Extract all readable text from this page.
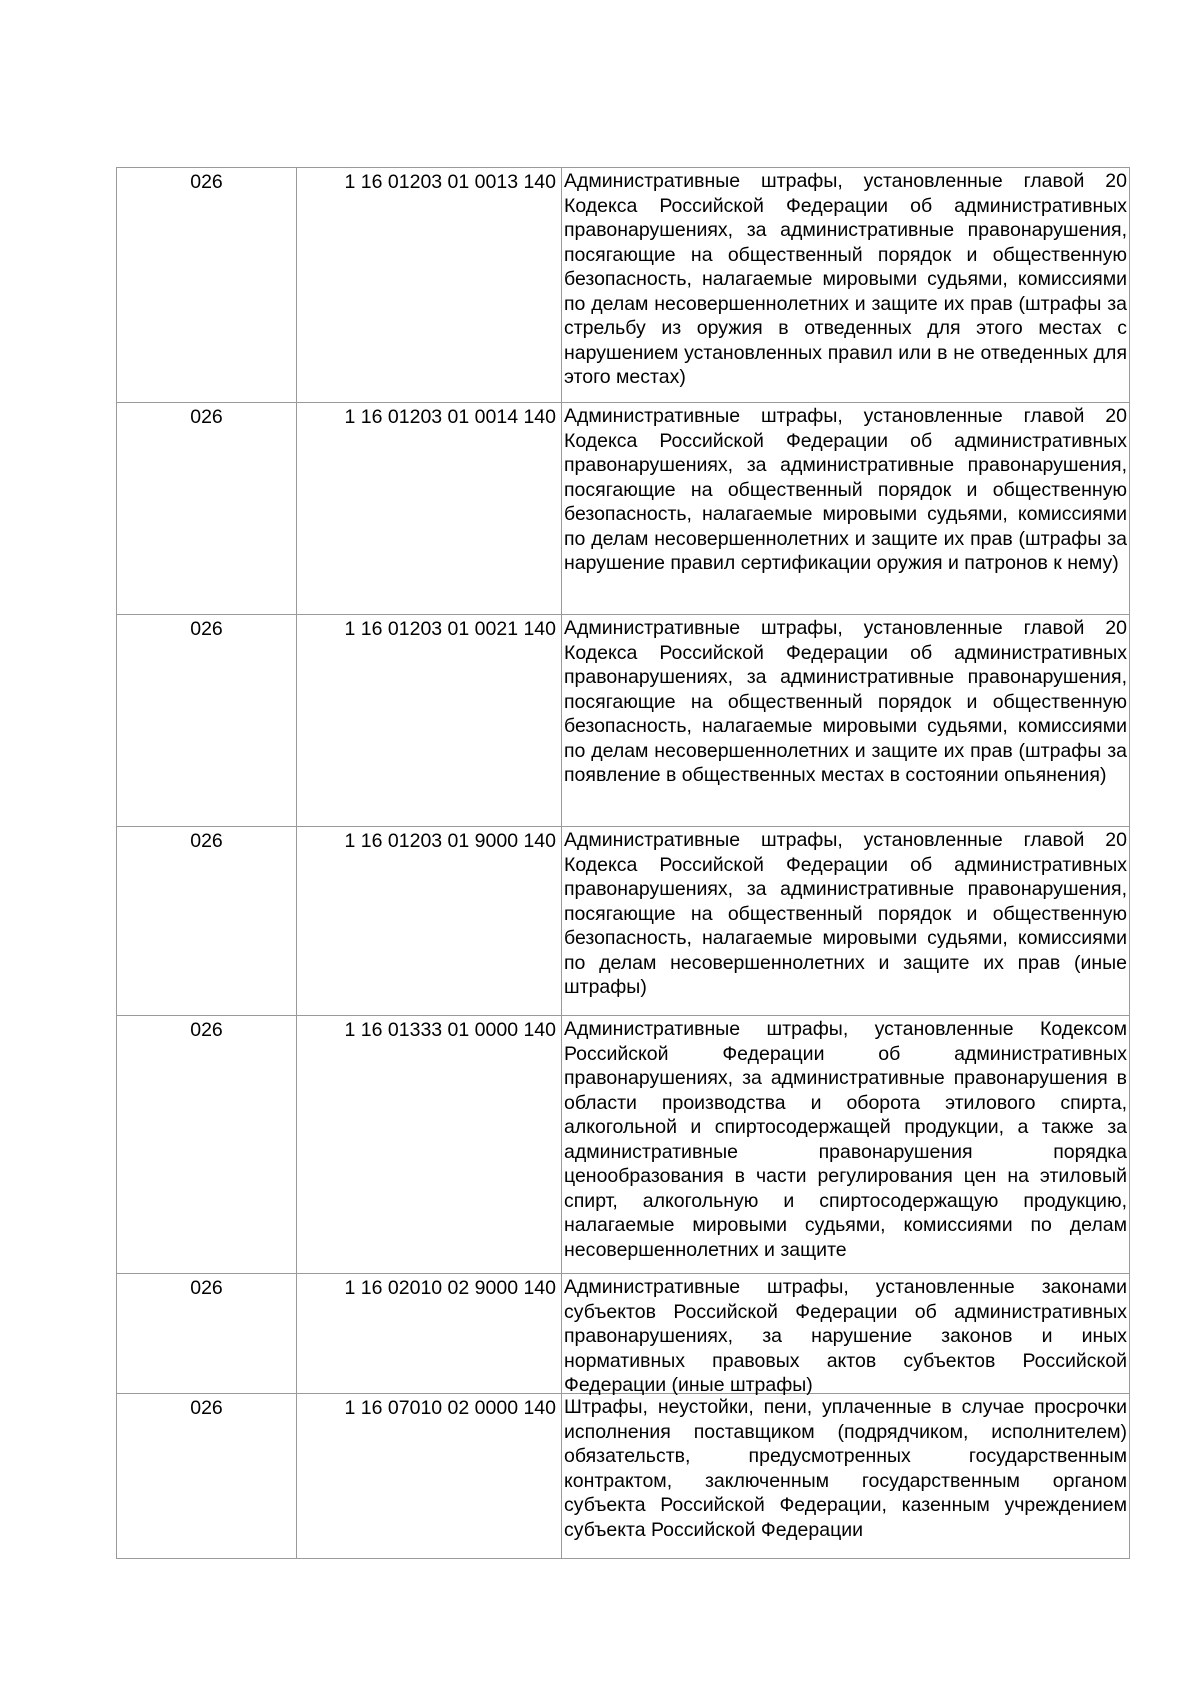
026	1 16 01203 01 0013 140	Административные штрафы, установленные главой 20 Кодекса Российской Федерации об административных правонарушениях, за административные правонарушения, посягающие на общественный порядок и общественную безопасность, налагаемые мировыми судьями, комиссиями по делам несовершеннолетних и защите их прав (штрафы за стрельбу из оружия в отведенных для этого местах с нарушением установленных правил или в не отведенных для этого местах)

026	1 16 01203 01 0014 140	Административные штрафы, установленные главой 20 Кодекса Российской Федерации об административных правонарушениях, за административные правонарушения, посягающие на общественный порядок и общественную безопасность, налагаемые мировыми судьями, комиссиями по делам несовершеннолетних и защите их прав (штрафы за нарушение правил сертификации оружия и патронов к нему)

026	1 16 01203 01 0021 140	Административные штрафы, установленные главой 20 Кодекса Российской Федерации об административных правонарушениях, за административные правонарушения, посягающие на общественный порядок и общественную безопасность, налагаемые мировыми судьями, комиссиями по делам несовершеннолетних и защите их прав (штрафы за появление в общественных местах в состоянии опьянения)

026	1 16 01203 01 9000 140	Административные штрафы, установленные главой 20 Кодекса Российской Федерации об административных правонарушениях, за административные правонарушения, посягающие на общественный порядок и общественную безопасность, налагаемые мировыми судьями, комиссиями по делам несовершеннолетних и защите их прав (иные штрафы)

026	1 16 01333 01 0000 140	Административные штрафы, установленные Кодексом Российской Федерации об административных правонарушениях, за административные правонарушения в области производства и оборота этилового спирта, алкогольной и спиртосодержащей продукции, а также за административные правонарушения порядка ценообразования в части регулирования цен на этиловый спирт, алкогольную и спиртосодержащую продукцию, налагаемые мировыми судьями, комиссиями по делам несовершеннолетних и защите

026	1 16 02010 02 9000 140	Административные штрафы, установленные законами субъектов Российской Федерации об административных правонарушениях, за нарушение законов и иных нормативных правовых актов субъектов Российской Федерации (иные штрафы)

026	1 16 07010 02 0000 140	Штрафы, неустойки, пени, уплаченные в случае просрочки исполнения поставщиком (подрядчиком, исполнителем) обязательств, предусмотренных государственным контрактом, заключенным государственным органом субъекта Российской Федерации, казенным учреждением субъекта Российской Федерации
